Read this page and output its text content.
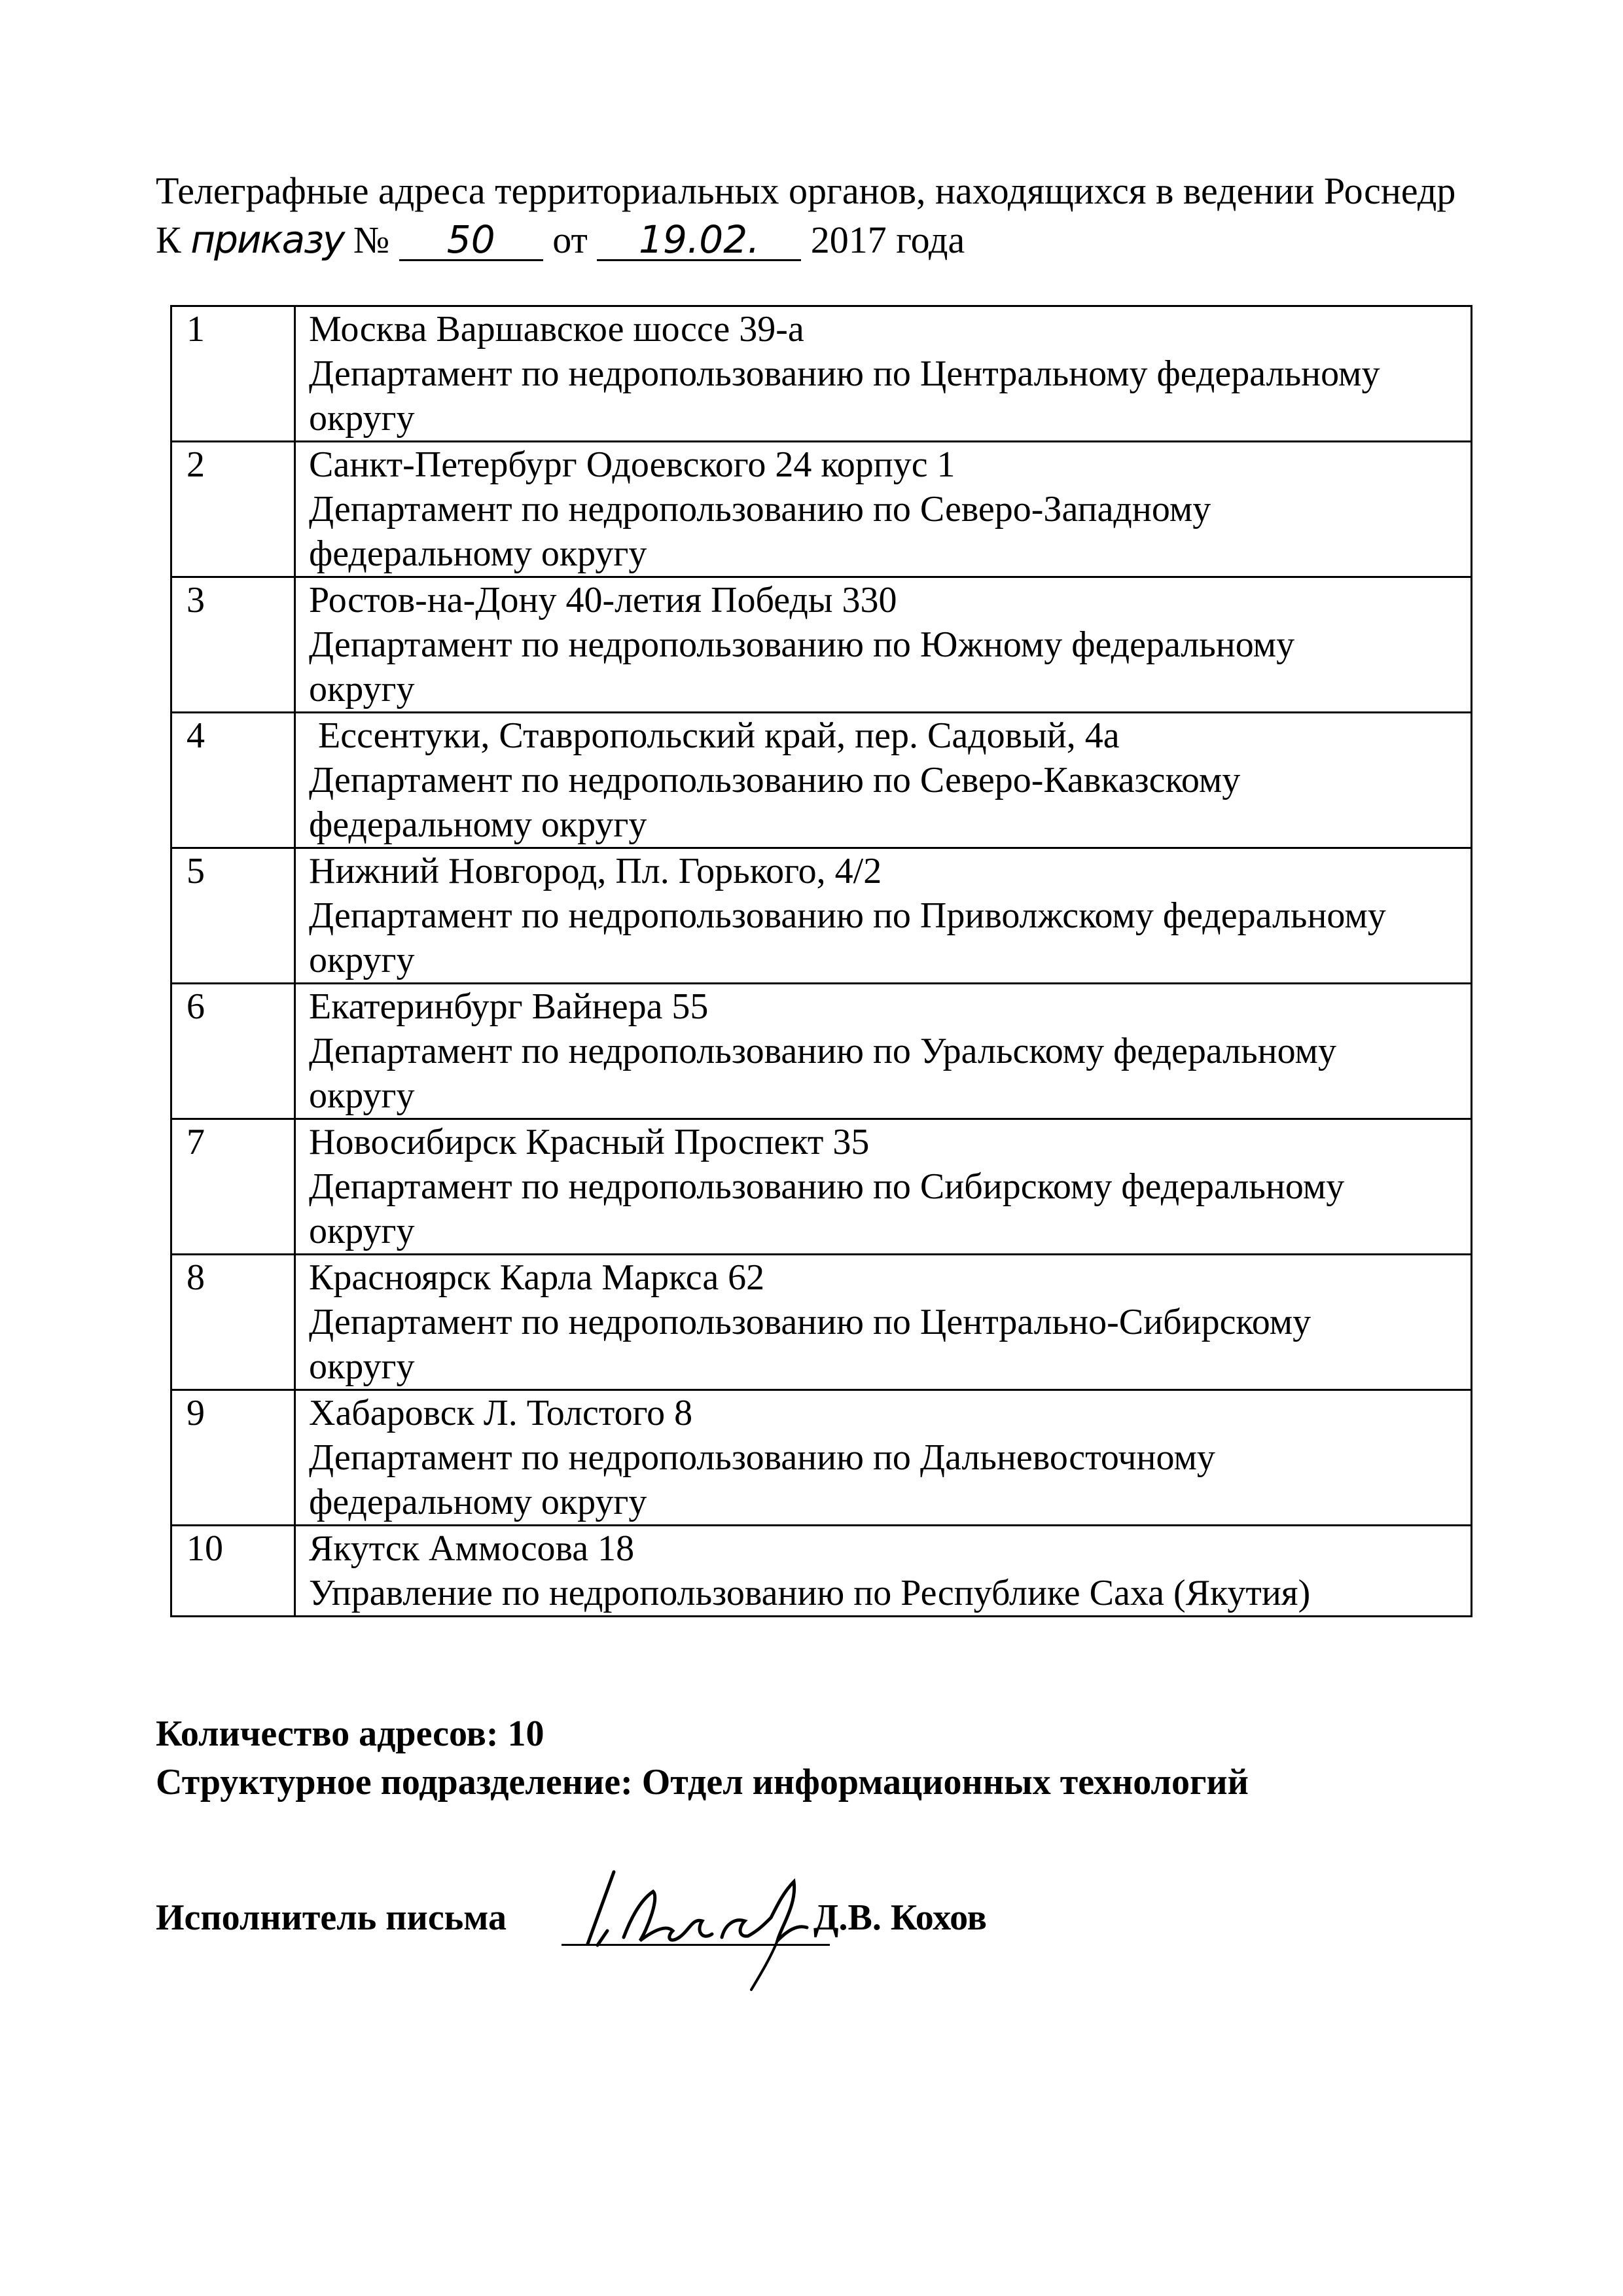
Телеграфные адреса территориальных органов, находящихся в ведении Роснедр
К приказу № 50 от 19.02. 2017 года
1	Москва Варшавское шоссе 39-а
Департамент по недропользованию по Центральному федеральному
округу

2	Санкт-Петербург Одоевского 24 корпус 1
Департамент по недропользованию по Северо-Западному
федеральному округу

3	Ростов-на-Дону 40-летия Победы 330
Департамент по недропользованию по Южному федеральному
округу

4	Ессентуки, Ставропольский край, пер. Садовый, 4а
Департамент по недропользованию по Северо-Кавказскому
федеральному округу

5	Нижний Новгород, Пл. Горького, 4/2
Департамент по недропользованию по Приволжскому федеральному
округу

6	Екатеринбург Вайнера 55
Департамент по недропользованию по Уральскому федеральному
округу

7	Новосибирск Красный Проспект 35
Департамент по недропользованию по Сибирскому федеральному
округу

8	Красноярск Карла Маркса 62
Департамент по недропользованию по Центрально-Сибирскому
округу

9	Хабаровск Л. Толстого 8
Департамент по недропользованию по Дальневосточному
федеральному округу

10	Якутск Аммосова 18
Управление по недропользованию по Республике Саха (Якутия)
Количество адресов: 10
Структурное подразделение: Отдел информационных технологий
Исполнитель письма	Д.В. Кохов
